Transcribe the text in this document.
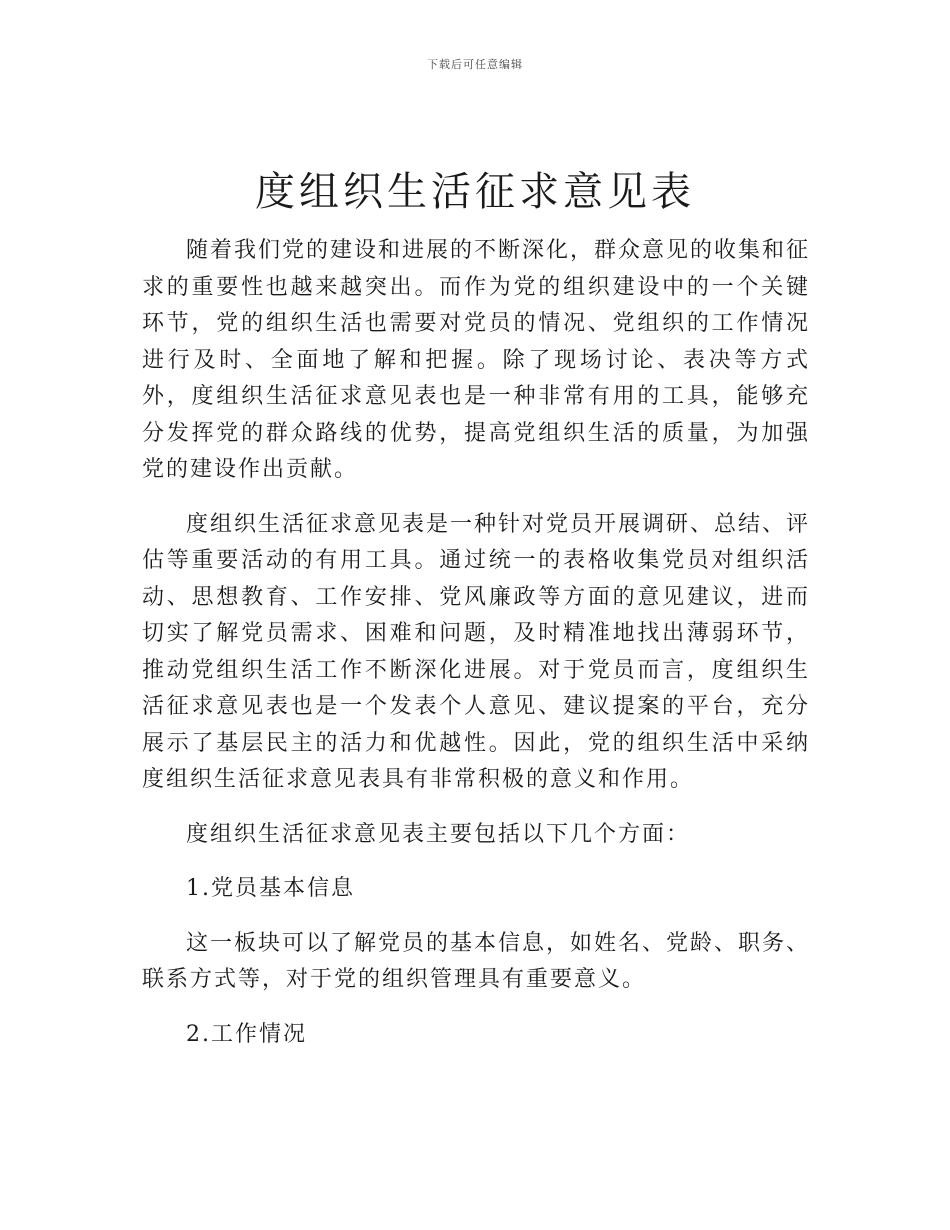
下载后可任意编辑
度组织生活征求意见表

随着我们党的建设和进展的不断深化，群众意见的收集和征求的重要性也越来越突出。而作为党的组织建设中的一个关键环节，党的组织生活也需要对党员的情况、党组织的工作情况进行及时、全面地了解和把握。除了现场讨论、表决等方式外，度组织生活征求意见表也是一种非常有用的工具，能够充分发挥党的群众路线的优势，提高党组织生活的质量，为加强党的建设作出贡献。

度组织生活征求意见表是一种针对党员开展调研、总结、评估等重要活动的有用工具。通过统一的表格收集党员对组织活动、思想教育、工作安排、党风廉政等方面的意见建议，进而切实了解党员需求、困难和问题，及时精准地找出薄弱环节，推动党组织生活工作不断深化进展。对于党员而言，度组织生活征求意见表也是一个发表个人意见、建议提案的平台，充分展示了基层民主的活力和优越性。因此，党的组织生活中采纳度组织生活征求意见表具有非常积极的意义和作用。

度组织生活征求意见表主要包括以下几个方面：

1.党员基本信息

这一板块可以了解党员的基本信息，如姓名、党龄、职务、联系方式等，对于党的组织管理具有重要意义。

2.工作情况
